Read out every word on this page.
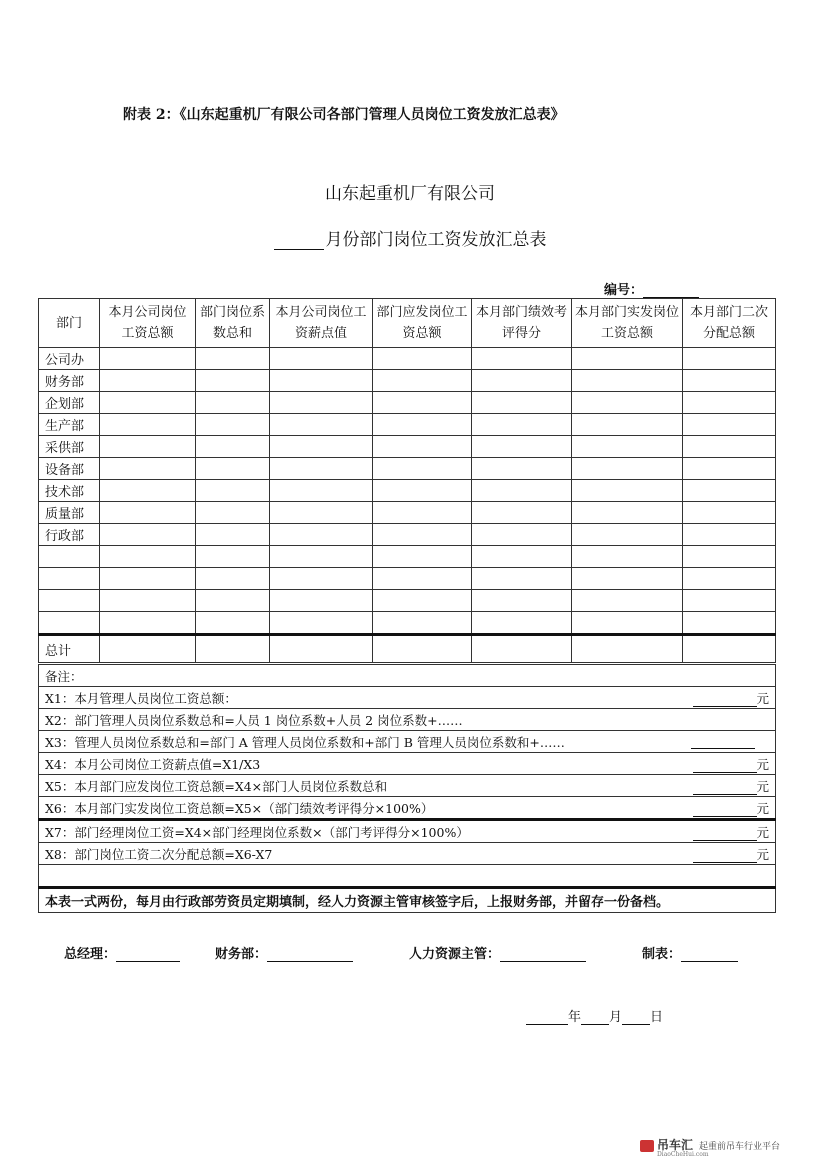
附表 2：《山东起重机厂有限公司各部门管理人员岗位工资发放汇总表》
山东起重机厂有限公司
月份部门岗位工资发放汇总表
编号：
部门	本月公司岗位工资总额	部门岗位系数总和	本月公司岗位工资薪点值	部门应发岗位工资总额	本月部门绩效考评得分	本月部门实发岗位工资总额	本月部门二次分配总额
公司办							
财务部							
企划部							
生产部							
采供部							
设备部							
技术部							
质量部							
行政部							

总计							
备注：	
X1：本月管理人员岗位工资总额：	元
X2：部门管理人员岗位系数总和=人员 1 岗位系数+人员 2 岗位系数+……	
X3：管理人员岗位系数总和=部门 A 管理人员岗位系数和+部门 B 管理人员岗位系数和+……	
X4：本月公司岗位工资薪点值=X1/X3	元
X5：本月部门应发岗位工资总额=X4×部门人员岗位系数总和	元
X6：本月部门实发岗位工资总额=X5×（部门绩效考评得分×100%）	元
X7：部门经理岗位工资=X4×部门经理岗位系数×（部门考评得分×100%）	元
X8：部门岗位工资二次分配总额=X6-X7	元

本表一式两份，每月由行政部劳资员定期填制，经人力资源主管审核签字后，上报财务部，并留存一份备档。	
总经理：	财务部：	人力资源主管：	制表：
年 月 日
吊车汇 起重前吊车行业平台
DiaoCheHui.com
